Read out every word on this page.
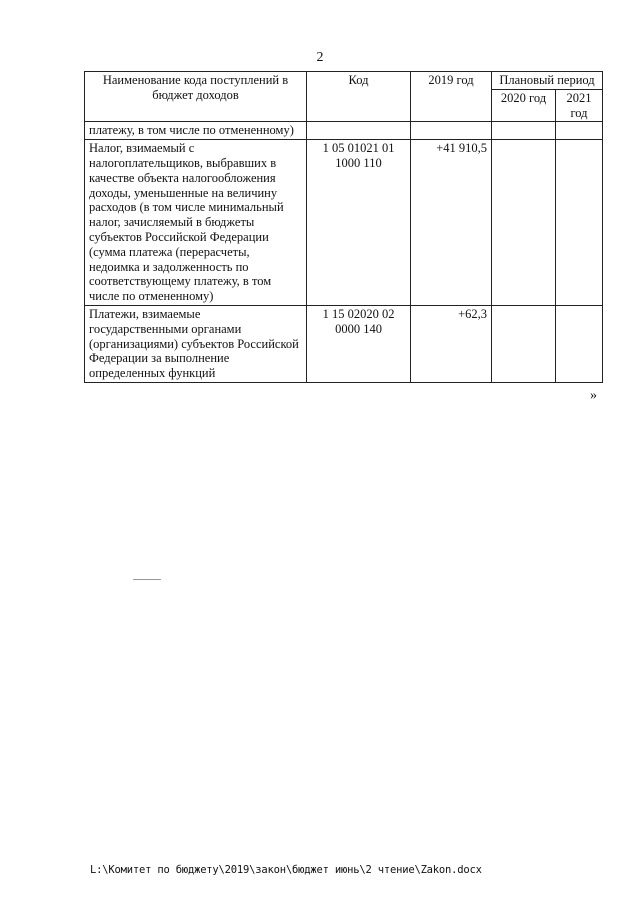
2
Наименование кода поступлений в бюджет доходов	Код	2019 год	Плановый период	
			2020 год	2021 год
платежу, в том числе по отмененному)				
Налог, взимаемый с налогоплательщиков, выбравших в качестве объекта налогообложения доходы, уменьшенные на величину расходов (в том числе минимальный налог, зачисляемый в бюджеты субъектов Российской Федерации (сумма платежа (перерасчеты, недоимка и задолженность по соответствующему платежу, в том числе по отмененному)	1 05 01021 01 1000 110	+41 910,5		
Платежи, взимаемые государственными органами (организациями) субъектов Российской Федерации за выполнение определенных функций	1 15 02020 02 0000 140	+62,3		
»
L:\Комитет по бюджету\2019\закон\бюджет июнь\2 чтение\Zakon.docx
